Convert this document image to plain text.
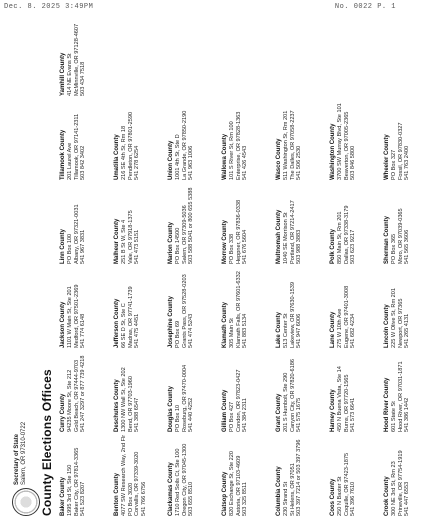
Dec. 8. 2025 3:49PM	No. 0022 P. 1
Secretary of State Salem, OR 97310-0722 County Elections Offices Baker County 1995 3rd St, Ste 150 Baker City, OR 97814-3365 541 523 8207	Benton County 4077 SW Research Way, 2nd Flr PO Box 3020 Corvallis, OR 97339-3020 541 766 6756	Clackamas County 1710 Red Soils Ct, Ste 100 Oregon City, OR 97045-1300 503 655 8510	Clatsop County 820 Exchange St, Ste 220 Astoria, OR 97103-4609 503 325 8511	Columbia County 230 Strand St St Helens, OR 97051 503 397 7214 or 503 397 3796	Coos County 250 N Baxter St Coquille, OR 97423-1875 541 396 7610	Crook County 300 NE 3rd St, Rm 23 Prineville, OR 97754-1919 541 447 6553
Curry County 94235 Moore St, Ste 212 Gold Beach, OR 97444-9703 541 247 3297 or 877 739 4218	Deschutes County 1300 NW Wall St, Ste 202 Bend, OR 97703-1960 541 388 6547	Douglas County PO Box 10 Roseburg, OR 97470-0004 541 440 4252	Gilliam County PO Box 427 Condon, OR 97823-0427 541 384 2311	Grant County 201 S Humbolt, Ste 290 Canyon City, OR 97820-6186 541 575 1675	Harney County 450 N Buena Vista, Ste 14 Burns, OR 97720-1565 541 573 6641	Hood River County 601 State St Hood River, OR 97031-1871 541 386 1442
Jackson County 1101 W Main St, Ste 201 Medford, OR 97501-2369 541 774 6148	Jefferson County 66 SE D St, Ste C Madras, OR 97741-1739 541 475 4451	Josephine County PO Box 69 Grants Pass, OR 97528-0203 541 474 5243	Klamath County 305 Main St Klamath Falls, OR 97601-6332 541 883 5134	Lake County 513 Center St Lakeview, OR 97630-1539 541 947 6006	Lane County 275 W 10th Ave Eugene, OR 97401-3008 541 682 4234	Lincoln County 225 W Olive St, Rm 201 Newport, OR 97365 541 265 4131
Linn County PO Box 100 Albany, OR 97321-0031 541 967 3831	Malheur County 251 B St W, Ste 4 Vale, OR 97918-1375 541 473 5151	Marion County PO Box 14500 Salem, OR 97309-5036 503 588 5041 or 800 655 5388	Morrow County PO Box 338 Heppner, OR 97836-0338 541 676 5604	Multnomah County 1040 SE Morrison St Portland, OR 97214-2417 503 988 3883	Polk County 850 Main St, Rm 201 Dallas, OR 97338-3179 503 623 9217	Sherman County PO Box 365 Moro, OR 97039-0365 541 565 3606
Tillamook County 201 Laurel Ave Tillamook, OR 97141-2311 503 842 3402	Umatilla County 216 SE 4th St, Rm 18 Pendleton, OR 97801-2590 541 278 6254	Union County 1001 4th St, Ste D La Grande, OR 97850-2190 541 963 1006	Wallowa County 101 S River St, Rm 100 Enterprise, OR 97828-1363 541 426 4543	Wasco County 511 Washington St, Rm 201 The Dalles, OR 97058-2237 541 506 2530	Washington County 3700 SW Murray Blvd, Ste 101 Beaverton, OR 97005-2365 503 846 5800	Wheeler County PO Box 327 Fossil, OR 97830-0327 541 763 2400
Yamhill County 414 NE Evans St McMinnville, OR 97128-4607 503 434 7518
